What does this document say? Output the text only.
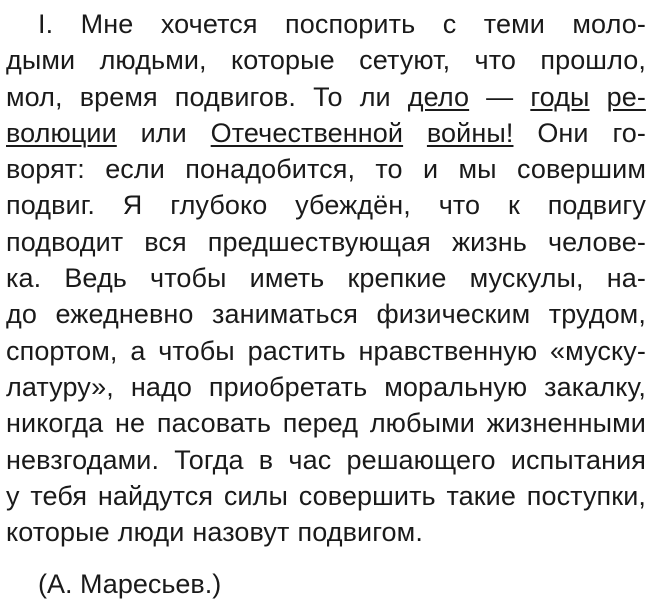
I. Мне хочется поспорить с теми моло-
дыми людьми, которые сетуют, что прошло,
мол, время подвигов. То ли дело — годы ре-
волюции или Отечественной войны! Они го-
ворят: если понадобится, то и мы совершим
подвиг. Я глубоко убеждён, что к подвигу
подводит вся предшествующая жизнь челове-
ка. Ведь чтобы иметь крепкие мускулы, на-
до ежедневно заниматься физическим трудом,
спортом, а чтобы растить нравственную «муску-
латуру», надо приобретать моральную закалку,
никогда не пасовать перед любыми жизненными
невзгодами. Тогда в час решающего испытания
у тебя найдутся силы совершить такие поступки,
которые люди назовут подвигом.
(А. Маресьев.)
